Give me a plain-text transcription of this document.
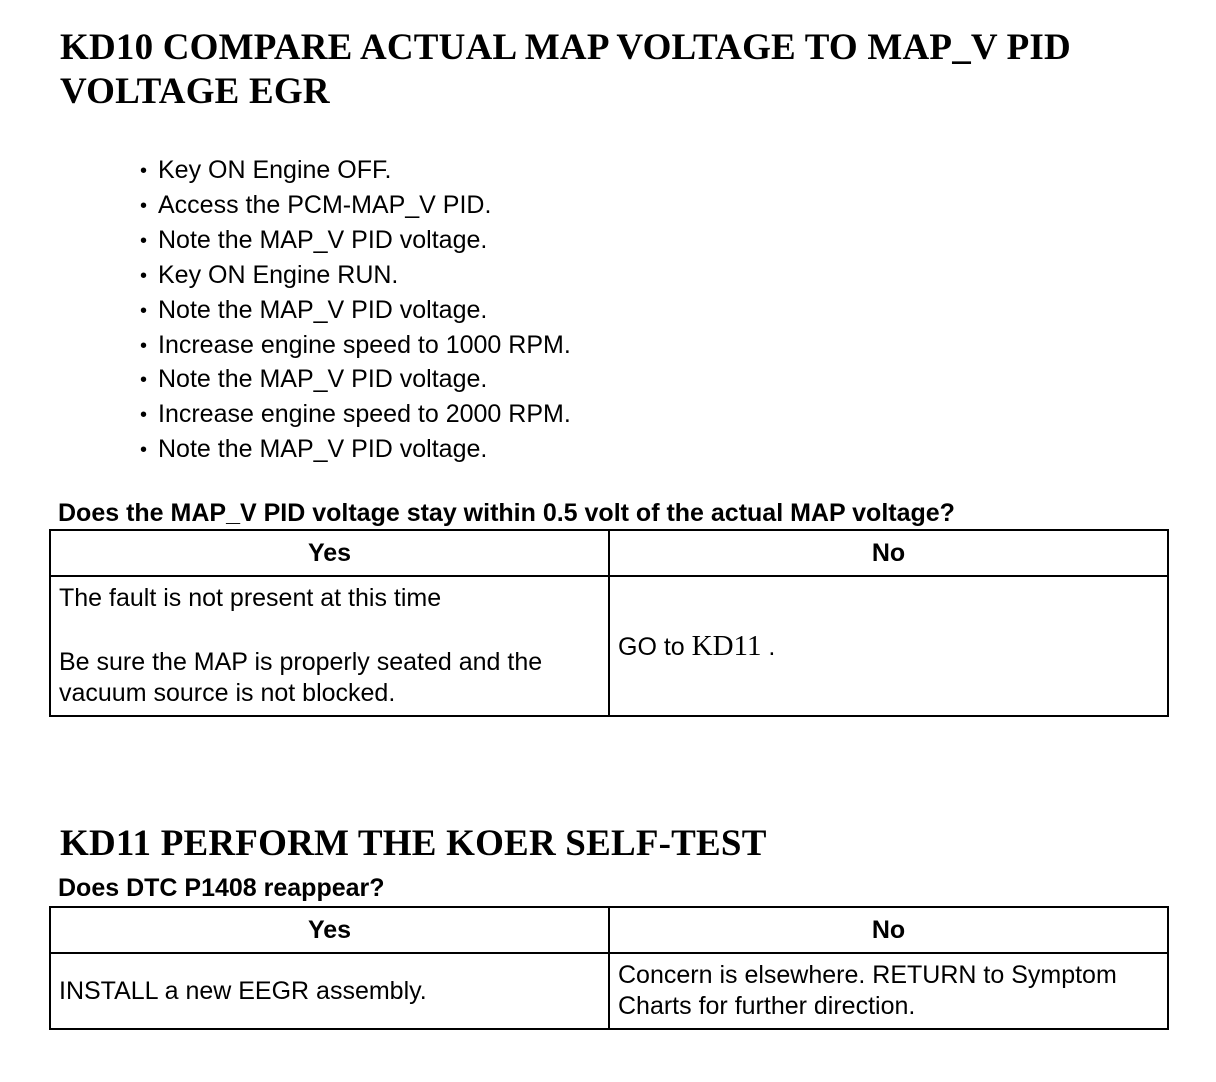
KD10 COMPARE ACTUAL MAP VOLTAGE TO MAP_V PID VOLTAGE EGR
• Key ON Engine OFF.
• Access the PCM-MAP_V PID.
• Note the MAP_V PID voltage.
• Key ON Engine RUN.
• Note the MAP_V PID voltage.
• Increase engine speed to 1000 RPM.
• Note the MAP_V PID voltage.
• Increase engine speed to 2000 RPM.
• Note the MAP_V PID voltage.

Does the MAP_V PID voltage stay within 0.5 volt of the actual MAP voltage?

Yes	No

The fault is not present at this time
Be sure the MAP is properly seated and the vacuum source is not blocked.	GO to KD11 .
KD11 PERFORM THE KOER SELF-TEST

Does DTC P1408 reappear?

Yes	No

INSTALL a new EEGR assembly.	Concern is elsewhere. RETURN to Symptom Charts for further direction.
